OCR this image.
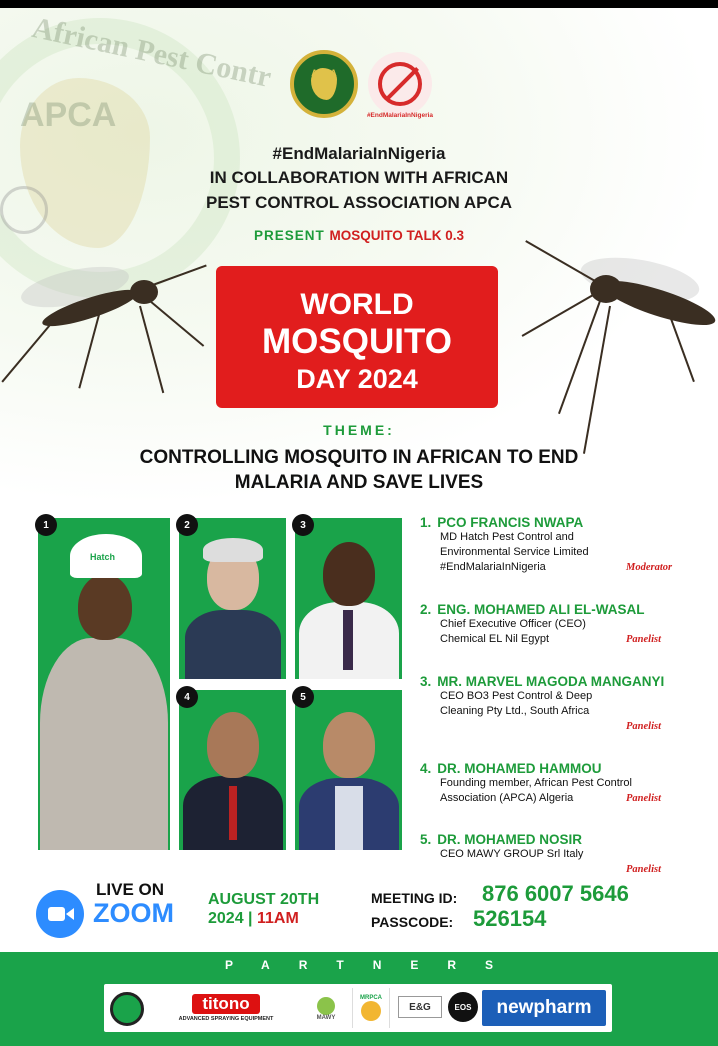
African Pest Contr
APCA
APCA
#EndMalariaInNigeria
#EndMalariaInNigeria
IN COLLABORATION WITH AFRICAN
PEST CONTROL ASSOCIATION APCA
PRESENT MOSQUITO TALK 0.3
WORLD
MOSQUITO
DAY 2024
THEME:
CONTROLLING MOSQUITO IN AFRICAN TO END
MALARIA AND SAVE LIVES
Hatch
1	2	3
4	5
1. PCO FRANCIS NWAPA
MD Hatch Pest Control and
Environmental Service Limited
#EndMalariaInNigeria	Moderator
2. ENG. MOHAMED ALI EL-WASAL
Chief Executive Officer (CEO)
Chemical EL Nil Egypt	Panelist
3. MR. MARVEL MAGODA MANGANYI
CEO BO3 Pest Control & Deep
Cleaning Pty Ltd., South Africa
Panelist
4. DR. MOHAMED HAMMOU
Founding member, African Pest Control
Association (APCA) Algeria	Panelist
5. DR. MOHAMED NOSIR
CEO MAWY GROUP Srl Italy
Panelist
LIVE ON
ZOOM AUGUST 20TH
2024 | 11AM
MEETING ID: 876 6007 5646
PASSCODE: 526154
PARTNERS
titono
ADVANCED SPRAYING EQUIPMENT	MAWY
MRPCA
E&G	EOS	newpharm
